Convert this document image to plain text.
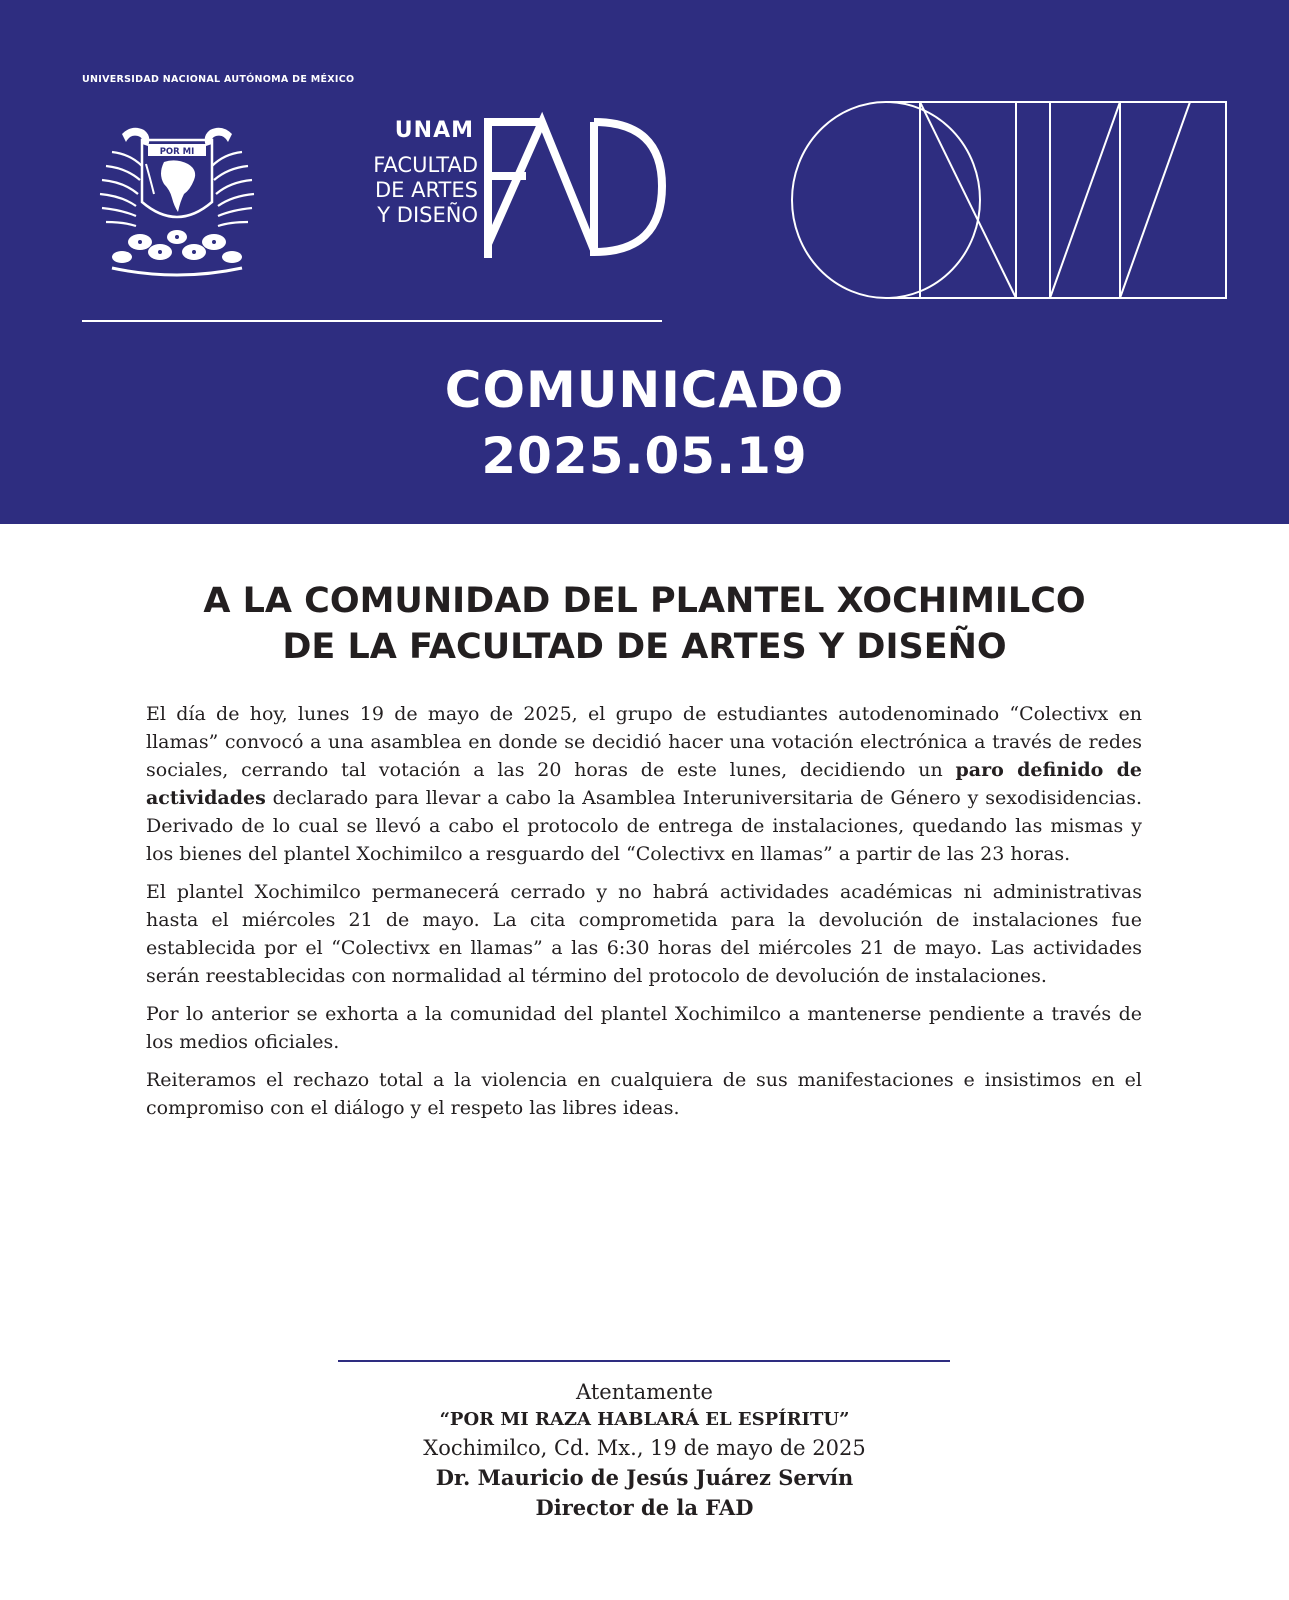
UNIVERSIDAD NACIONAL AUTÓNOMA DE MÉXICO
POR MI
UNAM
FACULTAD
DE ARTES
Y DISEÑO
COMUNICADO
2025.05.19
A LA COMUNIDAD DEL PLANTEL XOCHIMILCO
DE LA FACULTAD DE ARTES Y DISEÑO

El día de hoy, lunes 19 de mayo de 2025, el grupo de estudiantes autodenominado “Colectivx en llamas” convocó a una asamblea en donde se decidió hacer una votación electrónica a través de redes sociales, cerrando tal votación a las 20 horas de este lunes, decidiendo un paro definido de actividades declarado para llevar a cabo la Asamblea Interuniversitaria de Género y sexodisidencias. Derivado de lo cual se llevó a cabo el protocolo de entrega de instalaciones, quedando las mismas y los bienes del plantel Xochimilco a resguardo del “Colectivx en llamas” a partir de las 23 horas.

El plantel Xochimilco permanecerá cerrado y no habrá actividades académicas ni administrativas hasta el miércoles 21 de mayo. La cita comprometida para la devolución de instalaciones fue establecida por el “Colectivx en llamas” a las 6:30 horas del miércoles 21 de mayo. Las actividades serán reestablecidas con normalidad al término del protocolo de devolución de instalaciones.

Por lo anterior se exhorta a la comunidad del plantel Xochimilco a mantenerse pendiente a través de los medios oficiales.

Reiteramos el rechazo total a la violencia en cualquiera de sus manifestaciones e insistimos en el compromiso con el diálogo y el respeto las libres ideas.

Atentamente
“POR MI RAZA HABLARÁ EL ESPÍRITU”
Xochimilco, Cd. Mx., 19 de mayo de 2025
Dr. Mauricio de Jesús Juárez Servín
Director de la FAD
